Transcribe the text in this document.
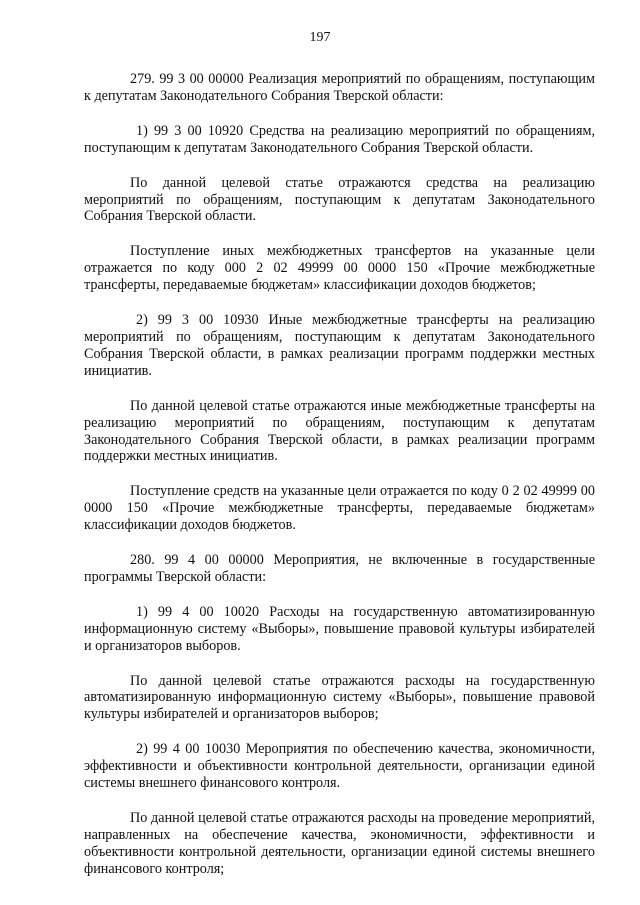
197

279. 99 3 00 00000 Реализация мероприятий по обращениям, поступающим к депутатам Законодательного Собрания Тверской области:

1) 99 3 00 10920 Средства на реализацию мероприятий по обращениям, поступающим к депутатам Законодательного Собрания Тверской области.

По данной целевой статье отражаются средства на реализацию мероприятий по обращениям, поступающим к депутатам Законодательного Собрания Тверской области.

Поступление иных межбюджетных трансфертов на указанные цели отражается по коду 000 2 02 49999 00 0000 150 «Прочие межбюджетные трансферты, передаваемые бюджетам» классификации доходов бюджетов;

2) 99 3 00 10930 Иные межбюджетные трансферты на реализацию мероприятий по обращениям, поступающим к депутатам Законодательного Собрания Тверской области, в рамках реализации программ поддержки местных инициатив.

По данной целевой статье отражаются иные межбюджетные трансферты на реализацию мероприятий по обращениям, поступающим к депутатам Законодательного Собрания Тверской области, в рамках реализации программ поддержки местных инициатив.

Поступление средств на указанные цели отражается по коду 0 2 02 49999 00 0000 150 «Прочие межбюджетные трансферты, передаваемые бюджетам» классификации доходов бюджетов.

280. 99 4 00 00000 Мероприятия, не включенные в государственные программы Тверской области:

1) 99 4 00 10020 Расходы на государственную автоматизированную информационную систему «Выборы», повышение правовой культуры избирателей и организаторов выборов.

По данной целевой статье отражаются расходы на государственную автоматизированную информационную систему «Выборы», повышение правовой культуры избирателей и организаторов выборов;

2) 99 4 00 10030 Мероприятия по обеспечению качества, экономичности, эффективности и объективности контрольной деятельности, организации единой системы внешнего финансового контроля.

По данной целевой статье отражаются расходы на проведение мероприятий, направленных на обеспечение качества, экономичности, эффективности и объективности контрольной деятельности, организации единой системы внешнего финансового контроля;
